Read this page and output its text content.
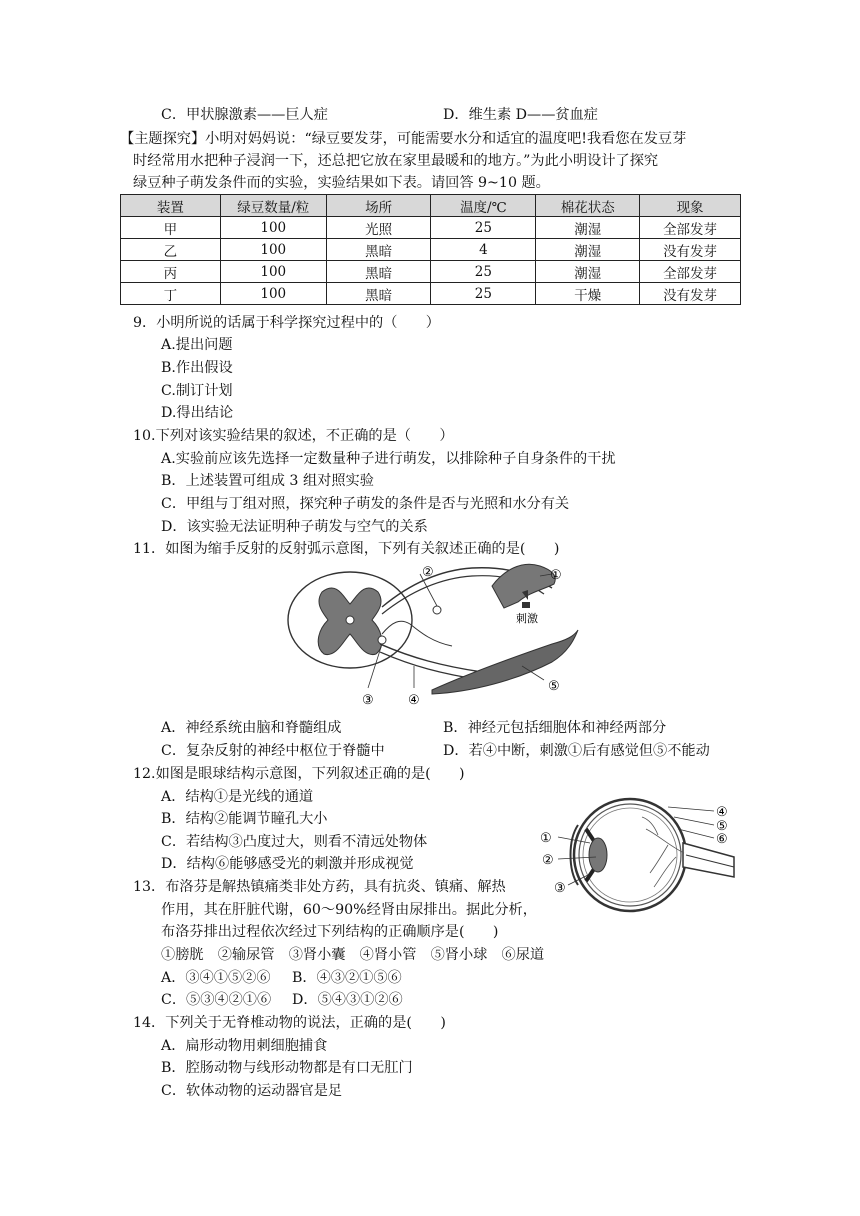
C．甲状腺激素——巨人症	D．维生素 D——贫血症
【主题探究】小明对妈妈说：“绿豆要发芽，可能需要水分和适宜的温度吧!我看您在发豆芽
时经常用水把种子浸润一下，还总把它放在家里最暖和的地方。”为此小明设计了探究
绿豆种子萌发条件而的实验，实验结果如下表。请回答 9~10 题。
装置	绿豆数量/粒	场所	温度/℃	棉花状态	现象
甲	100	光照	25	潮湿	全部发芽
乙	100	黑暗	4	潮湿	没有发芽
丙	100	黑暗	25	潮湿	全部发芽
丁	100	黑暗	25	干燥	没有发芽
9．小明所说的话属于科学探究过程中的（　　）
A.提出问题
B.作出假设
C.制订计划
D.得出结论
10.下列对该实验结果的叙述，不正确的是（　　）
A.实验前应该先选择一定数量种子进行萌发，以排除种子自身条件的干扰
B．上述装置可组成 3 组对照实验
C．甲组与丁组对照，探究种子萌发的条件是否与光照和水分有关
D．该实验无法证明种子萌发与空气的关系
11．如图为缩手反射的反射弧示意图，下列有关叙述正确的是(　　)
②	①
刺激
③	④
⑤
A．神经系统由脑和脊髓组成	B．神经元包括细胞体和神经两部分
C．复杂反射的神经中枢位于脊髓中	D．若④中断，刺激①后有感觉但⑤不能动
12.如图是眼球结构示意图，下列叙述正确的是(　　)
A．结构①是光线的通道
B．结构②能调节瞳孔大小
C．若结构③凸度过大，则看不清远处物体
D．结构⑥能够感受光的刺激并形成视觉
①
②
③
④
⑤
⑥
13．布洛芬是解热镇痛类非处方药，具有抗炎、镇痛、解热
作用，其在肝脏代谢，60～90%经肾由尿排出。据此分析，
布洛芬排出过程依次经过下列结构的正确顺序是(　　)
①膀胱　②输尿管　③肾小囊　④肾小管　⑤肾小球　⑥尿道
A．③④①⑤②⑥ B．④③②①⑤⑥
C．⑤③④②①⑥ D．⑤④③①②⑥
14．下列关于无脊椎动物的说法，正确的是(　　)
A．扁形动物用刺细胞捕食
B．腔肠动物与线形动物都是有口无肛门
C．软体动物的运动器官是足
